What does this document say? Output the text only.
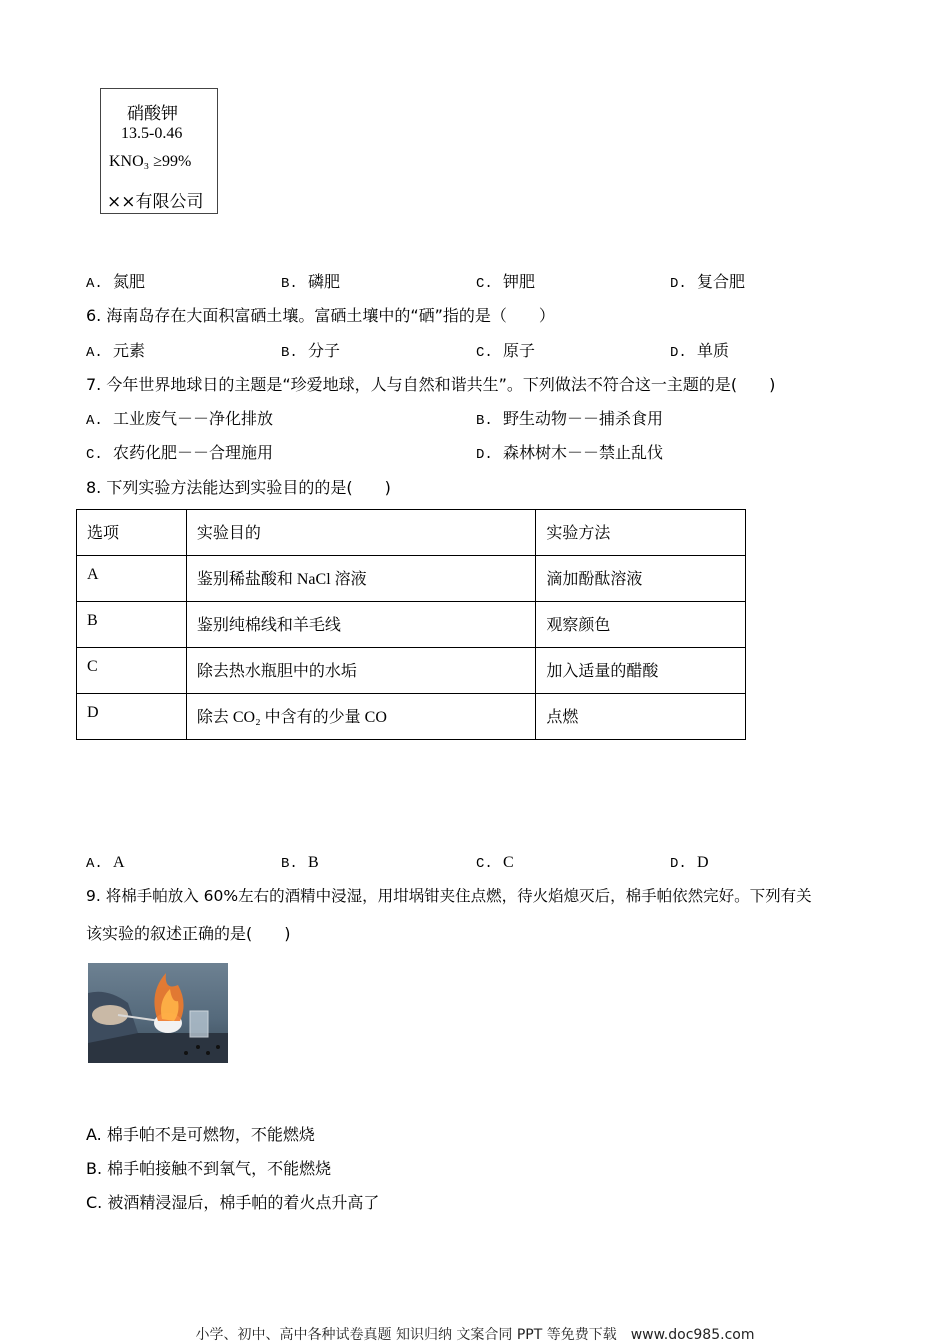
硝酸钾
13.5-0.46
KNO₃ ≥99%
××有限公司
A. 氮肥	B. 磷肥	C. 钾肥	D. 复合肥
6. 海南岛存在大面积富硒土壤。富硒土壤中的“硒”指的是（　　）
A. 元素	B. 分子	C. 原子	D. 单质
7. 今年世界地球日的主题是“珍爱地球，人与自然和谐共生”。下列做法不符合这一主题的是(　　)
A. 工业废气－－净化排放	B. 野生动物－－捕杀食用
C. 农药化肥－－合理施用	D. 森林树木－－禁止乱伐
8. 下列实验方法能达到实验目的的是(　　)
选项	实验目的	实验方法
A	鉴别稀盐酸和 NaCl 溶液	滴加酚酞溶液
B	鉴别纯棉线和羊毛线	观察颜色
C	除去热水瓶胆中的水垢	加入适量的醋酸
D	除去 CO₂ 中含有的少量 CO	点燃
A. A	B. B	C. C	D. D
9. 将棉手帕放入 60%左右的酒精中浸湿，用坩埚钳夹住点燃，待火焰熄灭后，棉手帕依然完好。下列有关
该实验的叙述正确的是(　　)
A. 棉手帕不是可燃物，不能燃烧
B. 棉手帕接触不到氧气，不能燃烧
C. 被酒精浸湿后，棉手帕的着火点升高了
小学、初中、高中各种试卷真题 知识归纳 文案合同 PPT 等免费下载　www.doc985.com
